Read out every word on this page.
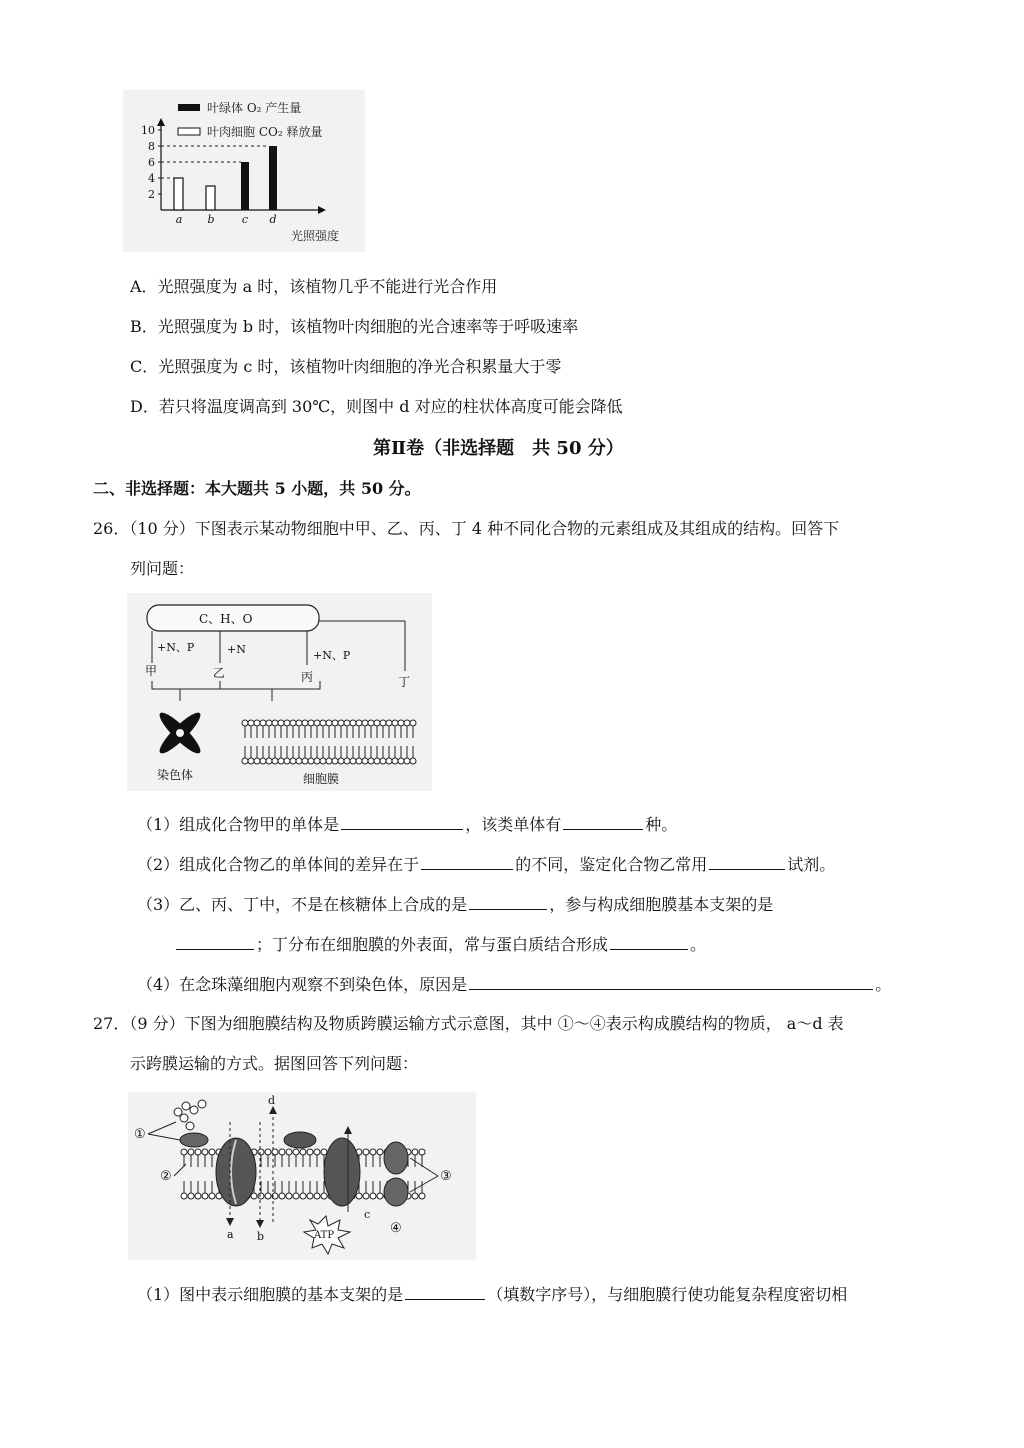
叶绿体 O₂ 产生量
叶肉细胞 CO₂ 释放量
10
8
6
4
2
a b c d
光照强度
A．光照强度为 a 时，该植物几乎不能进行光合作用
B．光照强度为 b 时，该植物叶肉细胞的光合速率等于呼吸速率
C．光照强度为 c 时，该植物叶肉细胞的净光合积累量大于零
D．若只将温度调高到 30℃，则图中 d 对应的柱状体高度可能会降低
第Ⅱ卷（非选择题　共 50 分）
二、非选择题：本大题共 5 小题，共 50 分。
26．（10 分）下图表示某动物细胞中甲、乙、丙、丁 4 种不同化合物的元素组成及其组成的结构。回答下
列问题：
C、H、O
+N、P	+N	+N、P
甲	乙	丙	丁
染色体	细胞膜
（1）组成化合物甲的单体是	，该类单体有	种。
（2）组成化合物乙的单体间的差异在于	的不同，鉴定化合物乙常用	试剂。
（3）乙、丙、丁中，不是在核糖体上合成的是	，参与构成细胞膜基本支架的是
；丁分布在细胞膜的外表面，常与蛋白质结合形成	。
（4）在念珠藻细胞内观察不到染色体，原因是	。
27．（9 分）下图为细胞膜结构及物质跨膜运输方式示意图，其中 ①～④表示构成膜结构的物质， a～d 表
示跨膜运输的方式。据图回答下列问题：
ATP
①
②	③
④
a b
c
d
（1）图中表示细胞膜的基本支架的是	（填数字序号），与细胞膜行使功能复杂程度密切相
